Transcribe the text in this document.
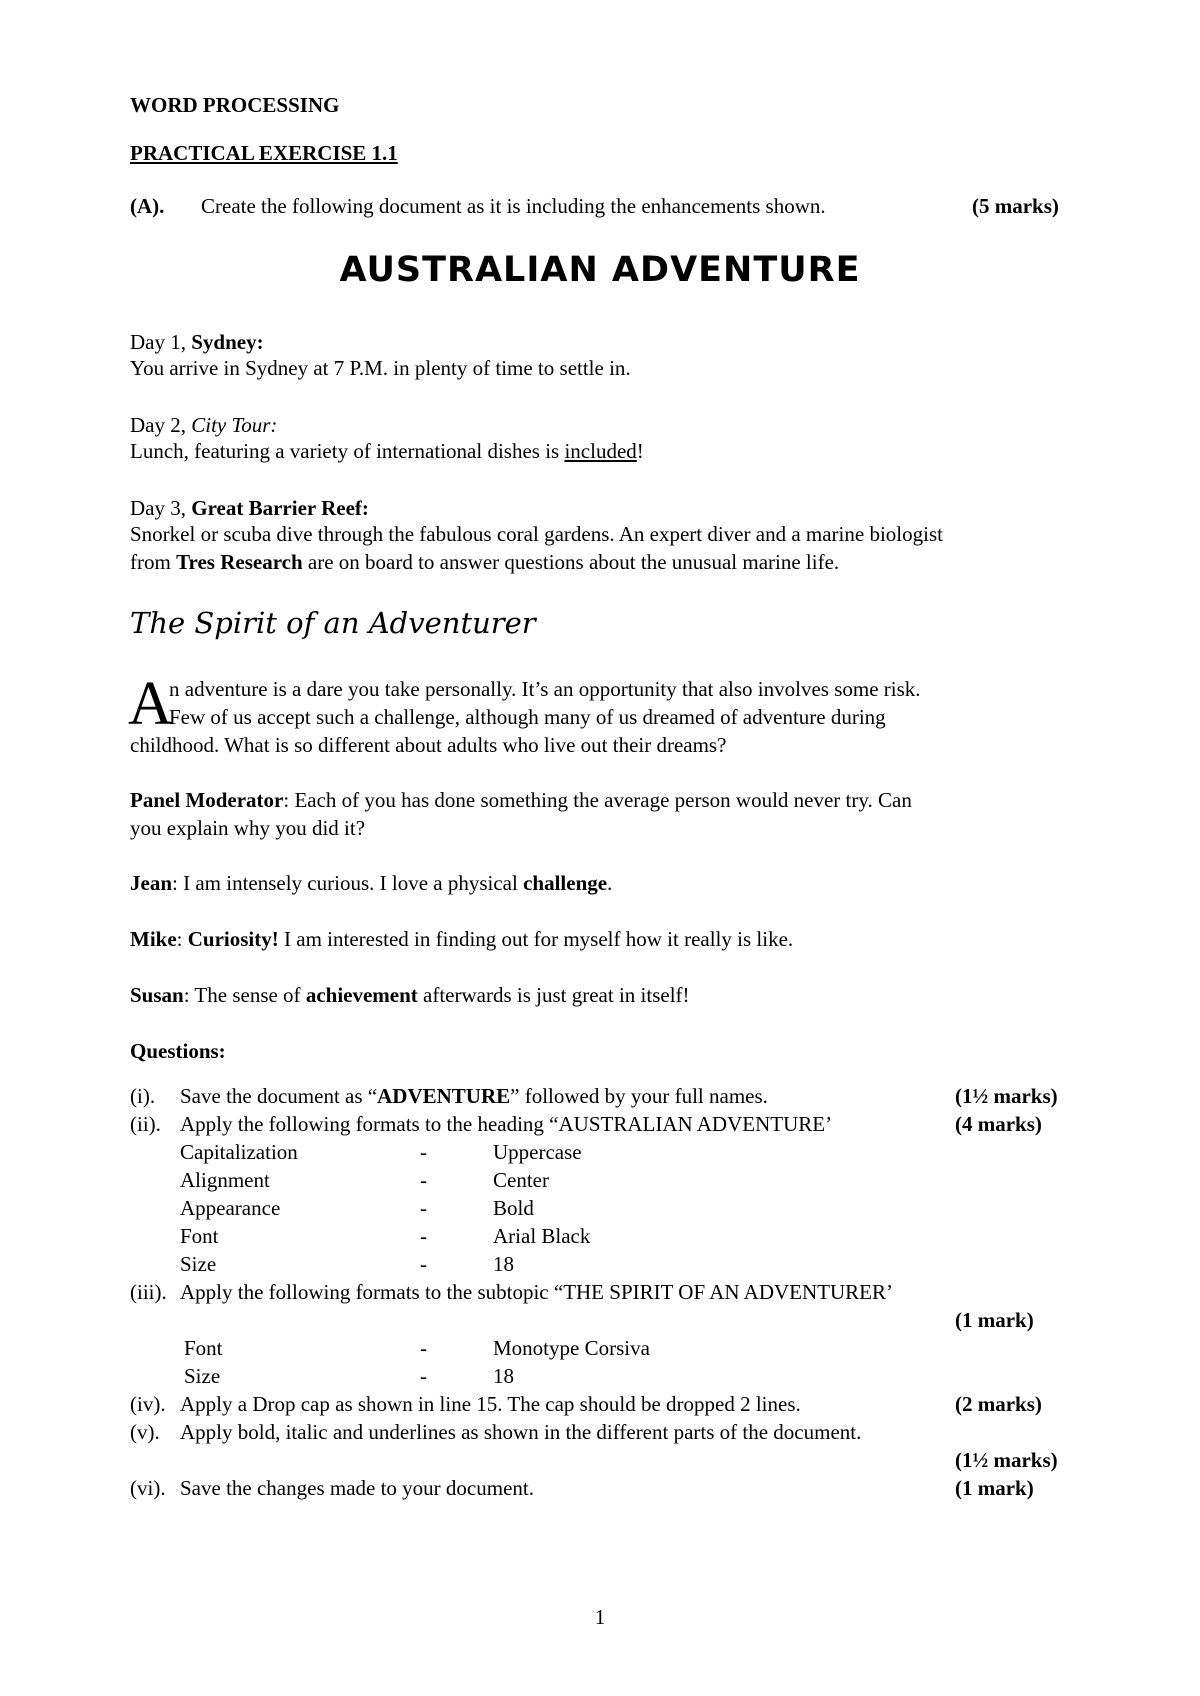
WORD PROCESSING
PRACTICAL EXERCISE 1.1
(A). Create the following document as it is including the enhancements shown.	(5 marks)
AUSTRALIAN ADVENTURE
Day 1, Sydney:
You arrive in Sydney at 7 P.M. in plenty of time to settle in.
Day 2, City Tour:
Lunch, featuring a variety of international dishes is included!
Day 3, Great Barrier Reef:
Snorkel or scuba dive through the fabulous coral gardens. An expert diver and a marine biologist
from Tres Research are on board to answer questions about the unusual marine life.
The Spirit of an Adventurer
A
n adventure is a dare you take personally. It’s an opportunity that also involves some risk.
Few of us accept such a challenge, although many of us dreamed of adventure during
childhood. What is so different about adults who live out their dreams?
Panel Moderator: Each of you has done something the average person would never try. Can
you explain why you did it?
Jean: I am intensely curious. I love a physical challenge.
Mike: Curiosity! I am interested in finding out for myself how it really is like.
Susan: The sense of achievement afterwards is just great in itself!
Questions:
(i). Save the document as “ADVENTURE” followed by your full names.	(1½ marks)
(ii). Apply the following formats to the heading “AUSTRALIAN ADVENTURE’	(4 marks)
Capitalization	-	Uppercase
Alignment	-	Center
Appearance	-	Bold
Font	-	Arial Black
Size	-	18
(iii). Apply the following formats to the subtopic “THE SPIRIT OF AN ADVENTURER’
(1 mark)
Font	-	Monotype Corsiva
Size	-	18
(iv). Apply a Drop cap as shown in line 15. The cap should be dropped 2 lines.	(2 marks)
(v). Apply bold, italic and underlines as shown in the different parts of the document.
(1½ marks)
(vi). Save the changes made to your document.	(1 mark)
1
